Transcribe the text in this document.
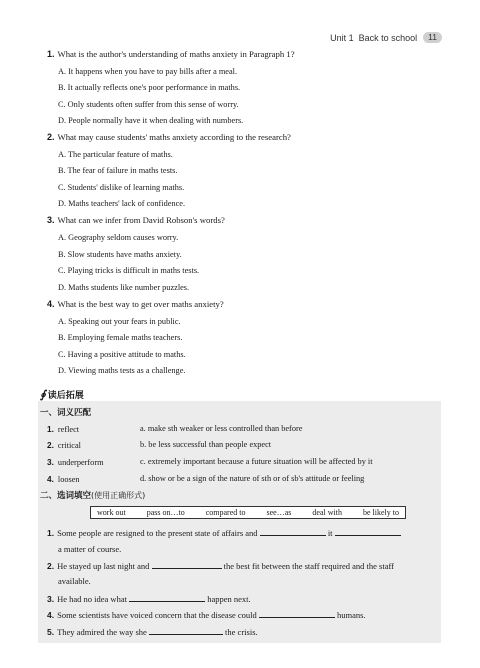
Unit 1
Back to school	11
1. What is the author's understanding of maths anxiety in Paragraph 1?
A. It happens when you have to pay bills after a meal.
B. It actually reflects one's poor performance in maths.
C. Only students often suffer from this sense of worry.
D. People normally have it when dealing with numbers.
2. What may cause students' maths anxiety according to the research?
A. The particular feature of maths.
B. The fear of failure in maths tests.
C. Students' dislike of learning maths.
D. Maths teachers' lack of confidence.
3. What can we infer from David Robson's words?
A. Geography seldom causes worry.
B. Slow students have maths anxiety.
C. Playing tricks is difficult in maths tests.
D. Maths students like number puzzles.
4. What is the best way to get over maths anxiety?
A. Speaking out your fears in public.
B. Employing female maths teachers.
C. Having a positive attitude to maths.
D. Viewing maths tests as a challenge.
∮ 读后拓展
一、词义匹配
1. reflect	a. make sth weaker or less controlled than before
2. critical	b. be less successful than people expect
3. underperform	c. extremely important because a future situation will be affected by it
4. loosen	d. show or be a sign of the nature of sth or of sb's attitude or feeling
二、选词填空(使用正确形式)
work out	pass on…to	compared to	see…as	deal with	be likely to
1. Some people are resigned to the present state of affairs and	it
a matter of course.
2. He stayed up last night and	the best fit between the staff required and the staff
available.
3. He had no idea what	happen next.
4. Some scientists have voiced concern that the disease could	humans.
5. They admired the way she	the crisis.
